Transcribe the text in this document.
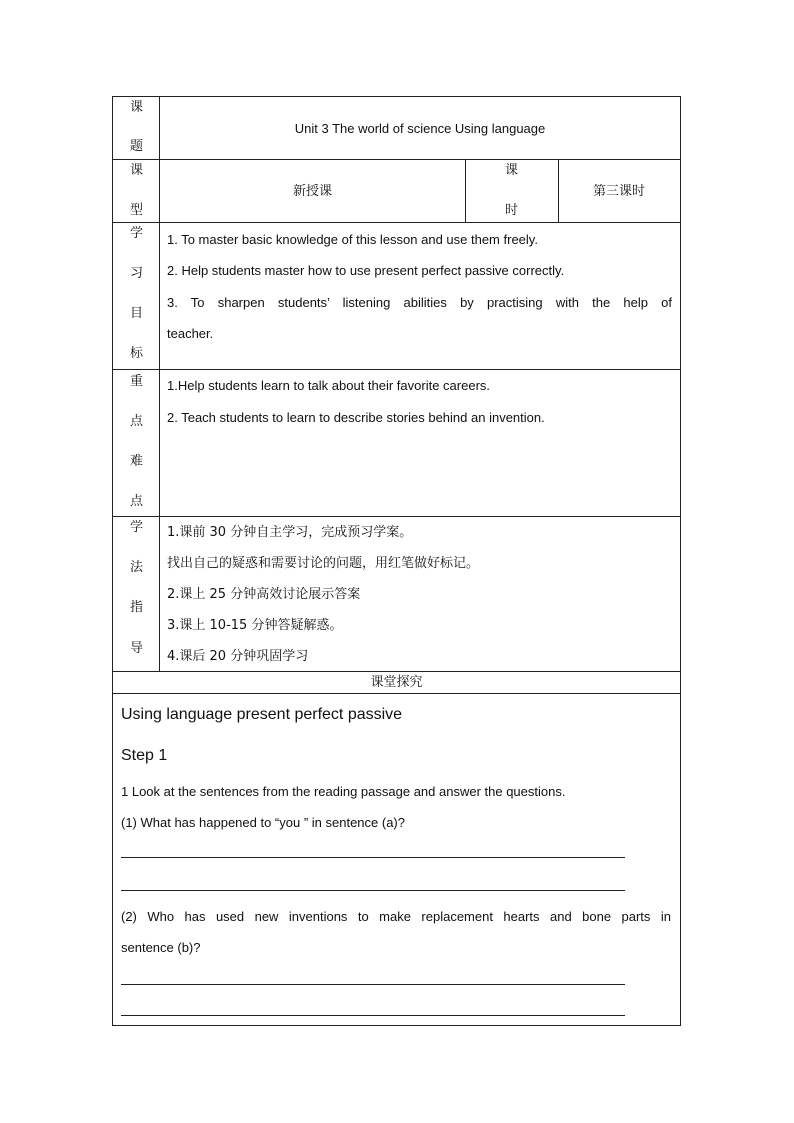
课
题
Unit 3 The world of science Using language
课
型
新授课
课
时
第三课时
学
习
目
标

1. To master basic knowledge of this lesson and use them freely.

2. Help students master how to use present perfect passive correctly.

3. To sharpen students’ listening abilities by practising with the help of

teacher.

重
点
难
点

1.Help students learn to talk about their favorite careers.

2. Teach students to learn to describe stories behind an invention.

学
法
指
导

1.课前 30 分钟自主学习，完成预习学案。

找出自己的疑惑和需要讨论的问题，用红笔做好标记。

2.课上 25 分钟高效讨论展示答案

3.课上 10-15 分钟答疑解惑。

4.课后 20 分钟巩固学习

课堂探究
Using language present perfect passive
Step 1
1 Look at the sentences from the reading passage and answer the questions.
(1) What has happened to “you ” in sentence (a)?
(2) Who has used new inventions to make replacement hearts and bone parts in
sentence (b)?
